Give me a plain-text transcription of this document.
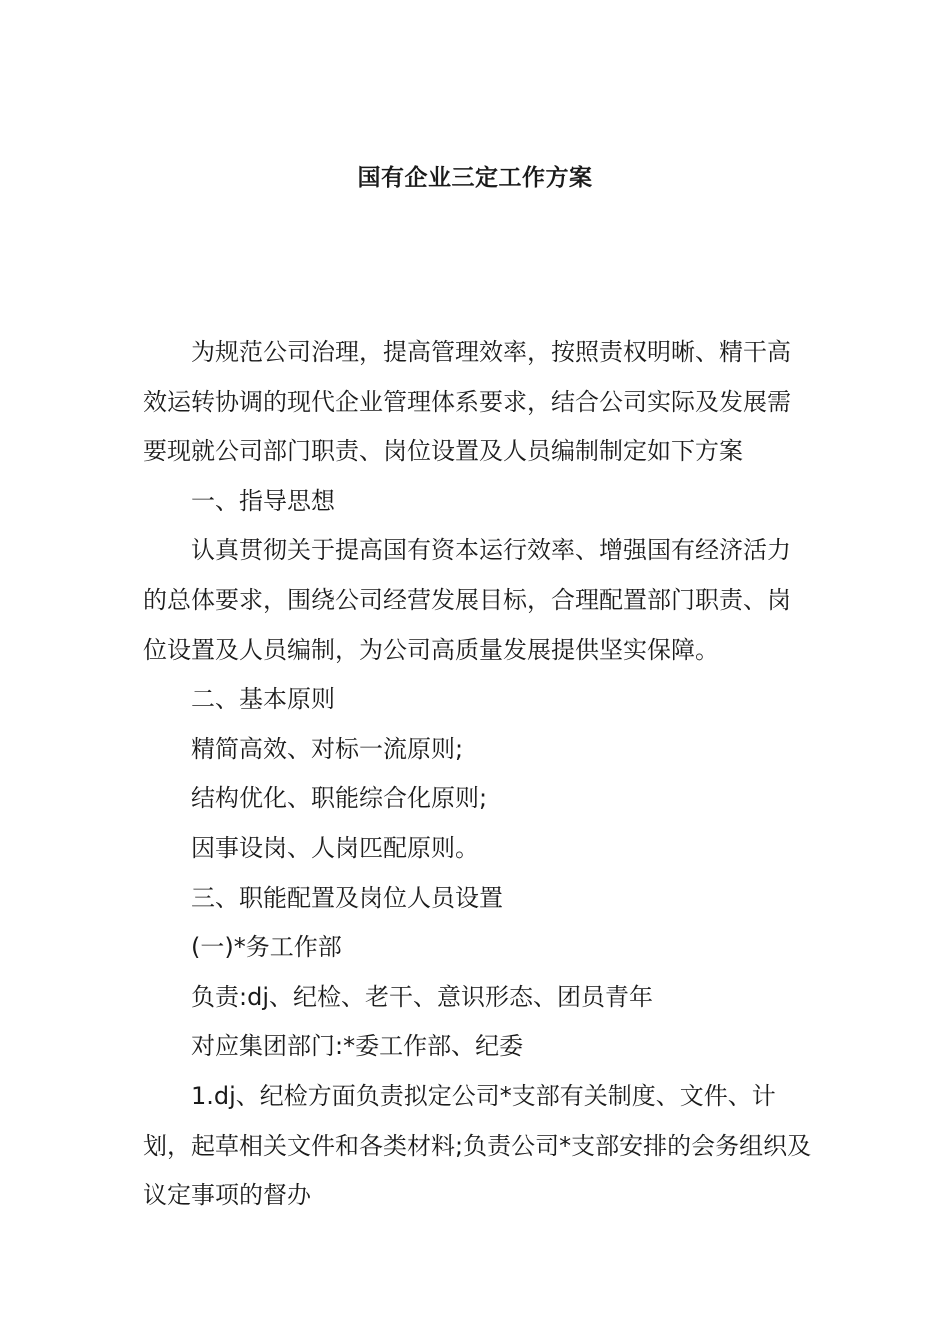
国有企业三定工作方案

为规范公司治理，提高管理效率，按照责权明晰、精干高效运转协调的现代企业管理体系要求，结合公司实际及发展需要现就公司部门职责、岗位设置及人员编制制定如下方案

一、指导思想

认真贯彻关于提高国有资本运行效率、增强国有经济活力的总体要求，围绕公司经营发展目标，合理配置部门职责、岗位设置及人员编制，为公司高质量发展提供坚实保障。

二、基本原则

精简高效、对标一流原则;

结构优化、职能综合化原则;

因事设岗、人岗匹配原则。

三、职能配置及岗位人员设置

(一)*务工作部

负责:dj、纪检、老干、意识形态、团员青年

对应集团部门:*委工作部、纪委

1.dj、纪检方面负责拟定公司*支部有关制度、文件、计划，起草相关文件和各类材料;负责公司*支部安排的会务组织及议定事项的督办
